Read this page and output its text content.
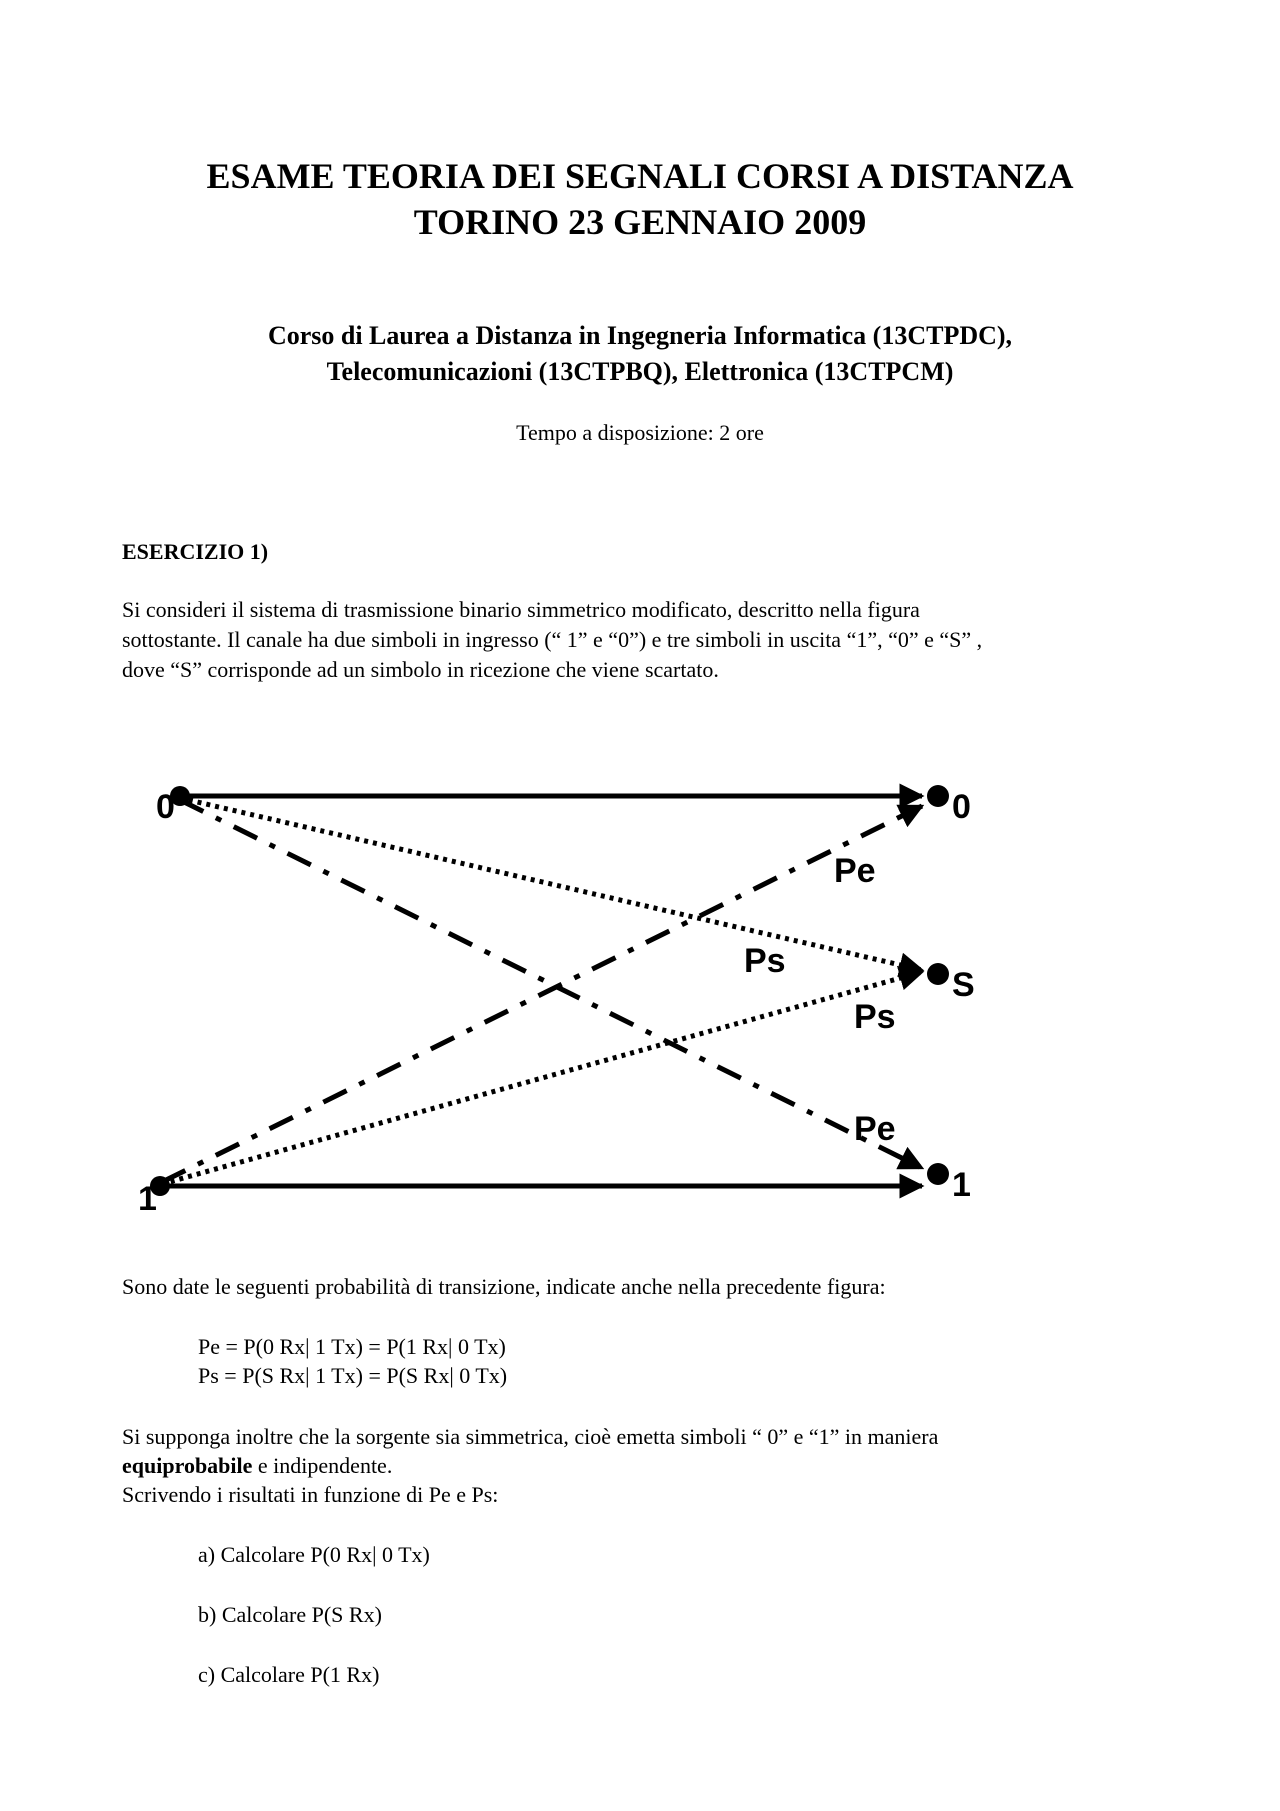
ESAME TEORIA DEI SEGNALI CORSI A DISTANZA
TORINO 23 GENNAIO 2009
Corso di Laurea a Distanza in Ingegneria Informatica (13CTPDC),
Telecomunicazioni (13CTPBQ), Elettronica (13CTPCM)
Tempo a disposizione: 2 ore
ESERCIZIO 1)
Si consideri il sistema di trasmissione binario simmetrico modificato, descritto nella figura
sottostante. Il canale ha due simboli in ingresso (“ 1” e “0”) e tre simboli in uscita “1”, “0” e “S” ,
dove “S” corrisponde ad un simbolo in ricezione che viene scartato.
0
1
0
S
1
Pe
Ps
Ps
Pe
Sono date le seguenti probabilità di transizione, indicate anche nella precedente figura:
Pe = P(0 Rx| 1 Tx) = P(1 Rx| 0 Tx)
Ps = P(S Rx| 1 Tx) = P(S Rx| 0 Tx)
Si supponga inoltre che la sorgente sia simmetrica, cioè emetta simboli “ 0” e “1” in maniera
equiprobabile e indipendente.
Scrivendo i risultati in funzione di Pe e Ps:
a) Calcolare P(0 Rx| 0 Tx)
b) Calcolare P(S Rx)
c) Calcolare P(1 Rx)
